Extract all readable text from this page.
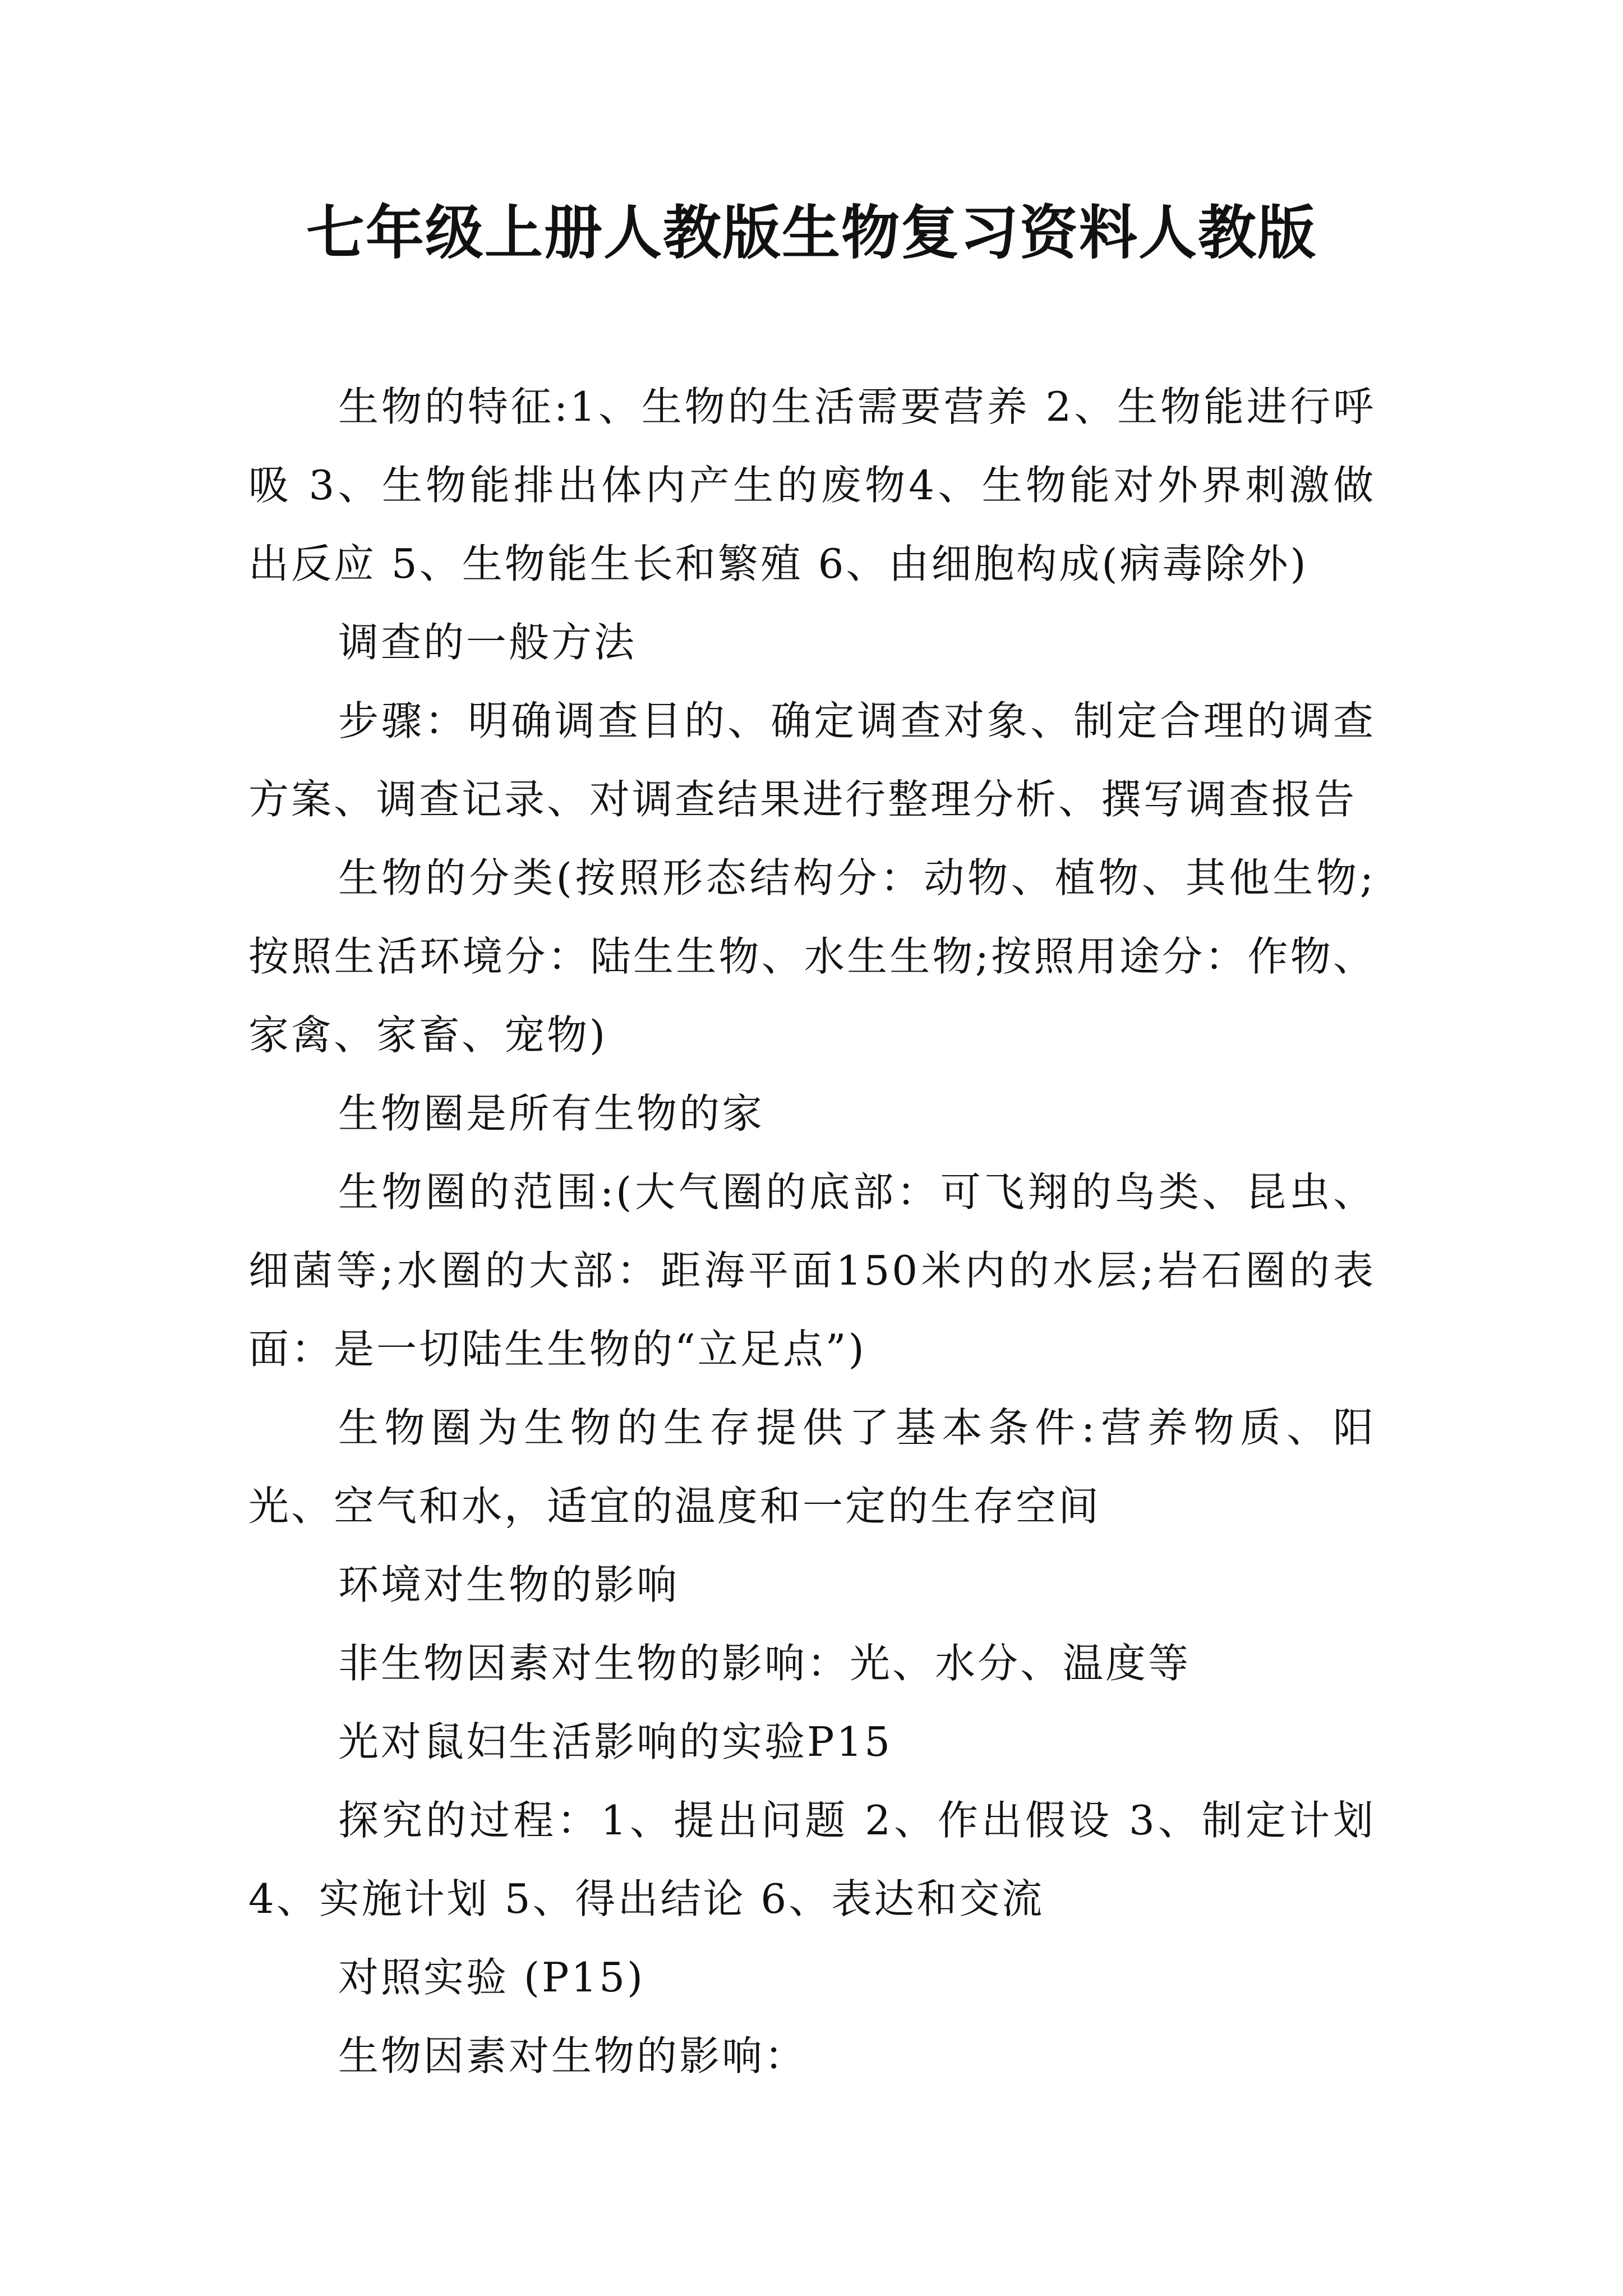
七年级上册人教版生物复习资料人教版

生物的特征:1、生物的生活需要营养 2、生物能进行呼吸 3、生物能排出体内产生的废物4、生物能对外界刺激做出反应 5、生物能生长和繁殖 6、由细胞构成(病毒除外)

调查的一般方法

步骤：明确调查目的、确定调查对象、制定合理的调查方案、调查记录、对调查结果进行整理分析、撰写调查报告

生物的分类(按照形态结构分：动物、植物、其他生物;按照生活环境分：陆生生物、水生生物;按照用途分：作物、家禽、家畜、宠物)

生物圈是所有生物的家

生物圈的范围:(大气圈的底部：可飞翔的鸟类、昆虫、细菌等;水圈的大部：距海平面150米内的水层;岩石圈的表面：是一切陆生生物的“立足点”)

生物圈为生物的生存提供了基本条件:营养物质、阳光、空气和水，适宜的温度和一定的生存空间

环境对生物的影响

非生物因素对生物的影响：光、水分、温度等

光对鼠妇生活影响的实验P15

探究的过程：1、提出问题 2、作出假设 3、制定计划 4、实施计划 5、得出结论 6、表达和交流

对照实验 (P15)

生物因素对生物的影响：
